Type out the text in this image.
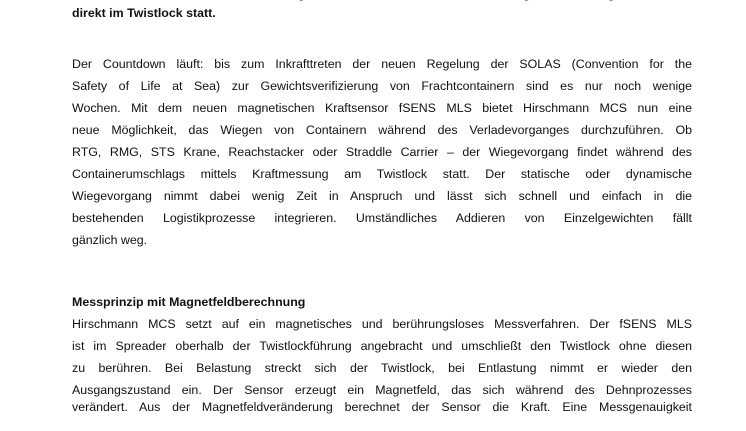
direkt im Twistlock statt.
Der Countdown läuft: bis zum Inkrafttreten der neuen Regelung der SOLAS (Convention for the
Safety of Life at Sea) zur Gewichtsverifizierung von Frachtcontainern sind es nur noch wenige
Wochen. Mit dem neuen magnetischen Kraftsensor fSENS MLS bietet Hirschmann MCS nun eine
neue Möglichkeit, das Wiegen von Containern während des Verladevorganges durchzuführen. Ob
RTG, RMG, STS Krane, Reachstacker oder Straddle Carrier – der Wiegevorgang findet während des
Containerumschlags mittels Kraftmessung am Twistlock statt. Der statische oder dynamische
Wiegevorgang nimmt dabei wenig Zeit in Anspruch und lässt sich schnell und einfach in die
bestehenden Logistikprozesse integrieren. Umständliches Addieren von Einzelgewichten fällt
gänzlich weg.
Messprinzip mit Magnetfeldberechnung
Hirschmann MCS setzt auf ein magnetisches und berührungsloses Messverfahren. Der fSENS MLS
ist im Spreader oberhalb der Twistlockführung angebracht und umschließt den Twistlock ohne diesen
zu berühren. Bei Belastung streckt sich der Twistlock, bei Entlastung nimmt er wieder den
Ausgangszustand ein. Der Sensor erzeugt ein Magnetfeld, das sich während des Dehnprozesses
verändert. Aus der Magnetfeldveränderung berechnet der Sensor die Kraft. Eine Messgenauigkeit
